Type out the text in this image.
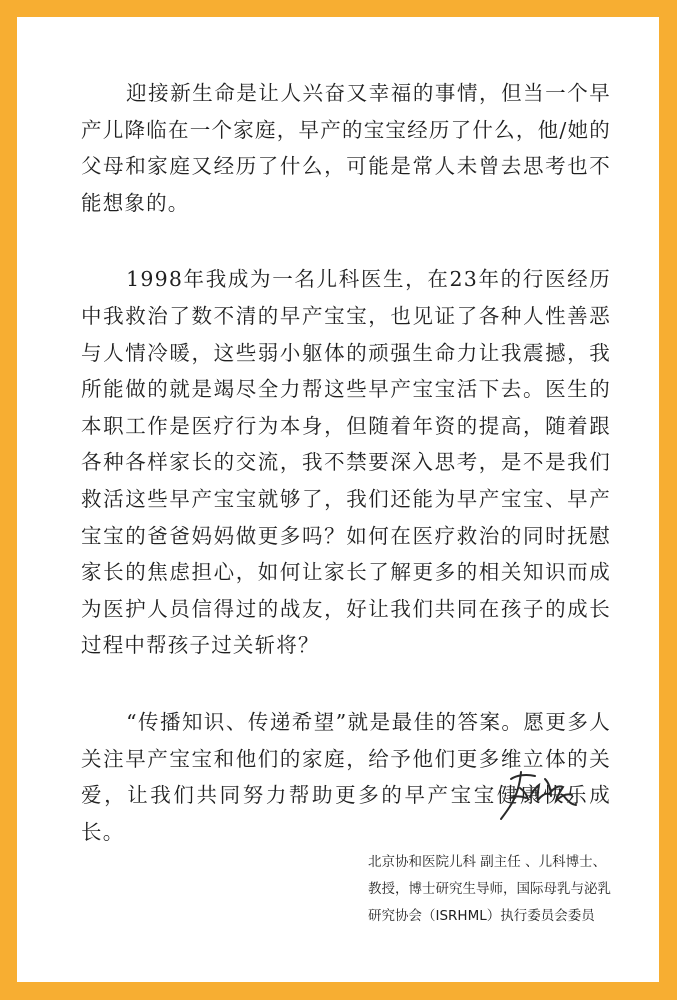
迎接新生命是让人兴奋又幸福的事情，但当一个早产儿降临在一个家庭，早产的宝宝经历了什么，他/她的父母和家庭又经历了什么，可能是常人未曾去思考也不能想象的。

1998年我成为一名儿科医生，在23年的行医经历中我救治了数不清的早产宝宝，也见证了各种人性善恶与人情冷暖，这些弱小躯体的顽强生命力让我震撼，我所能做的就是竭尽全力帮这些早产宝宝活下去。医生的本职工作是医疗行为本身，但随着年资的提高，随着跟各种各样家长的交流，我不禁要深入思考，是不是我们救活这些早产宝宝就够了，我们还能为早产宝宝、早产宝宝的爸爸妈妈做更多吗？如何在医疗救治的同时抚慰家长的焦虑担心，如何让家长了解更多的相关知识而成为医护人员信得过的战友，好让我们共同在孩子的成长过程中帮孩子过关斩将？

“传播知识、传递希望”就是最佳的答案。愿更多人关注早产宝宝和他们的家庭，给予他们更多维立体的关爱，让我们共同努力帮助更多的早产宝宝健康快乐成长。

北京协和医院儿科 副主任 、儿科博士、
教授，博士研究生导师，国际母乳与泌乳
研究协会（ISRHML）执行委员会委员
